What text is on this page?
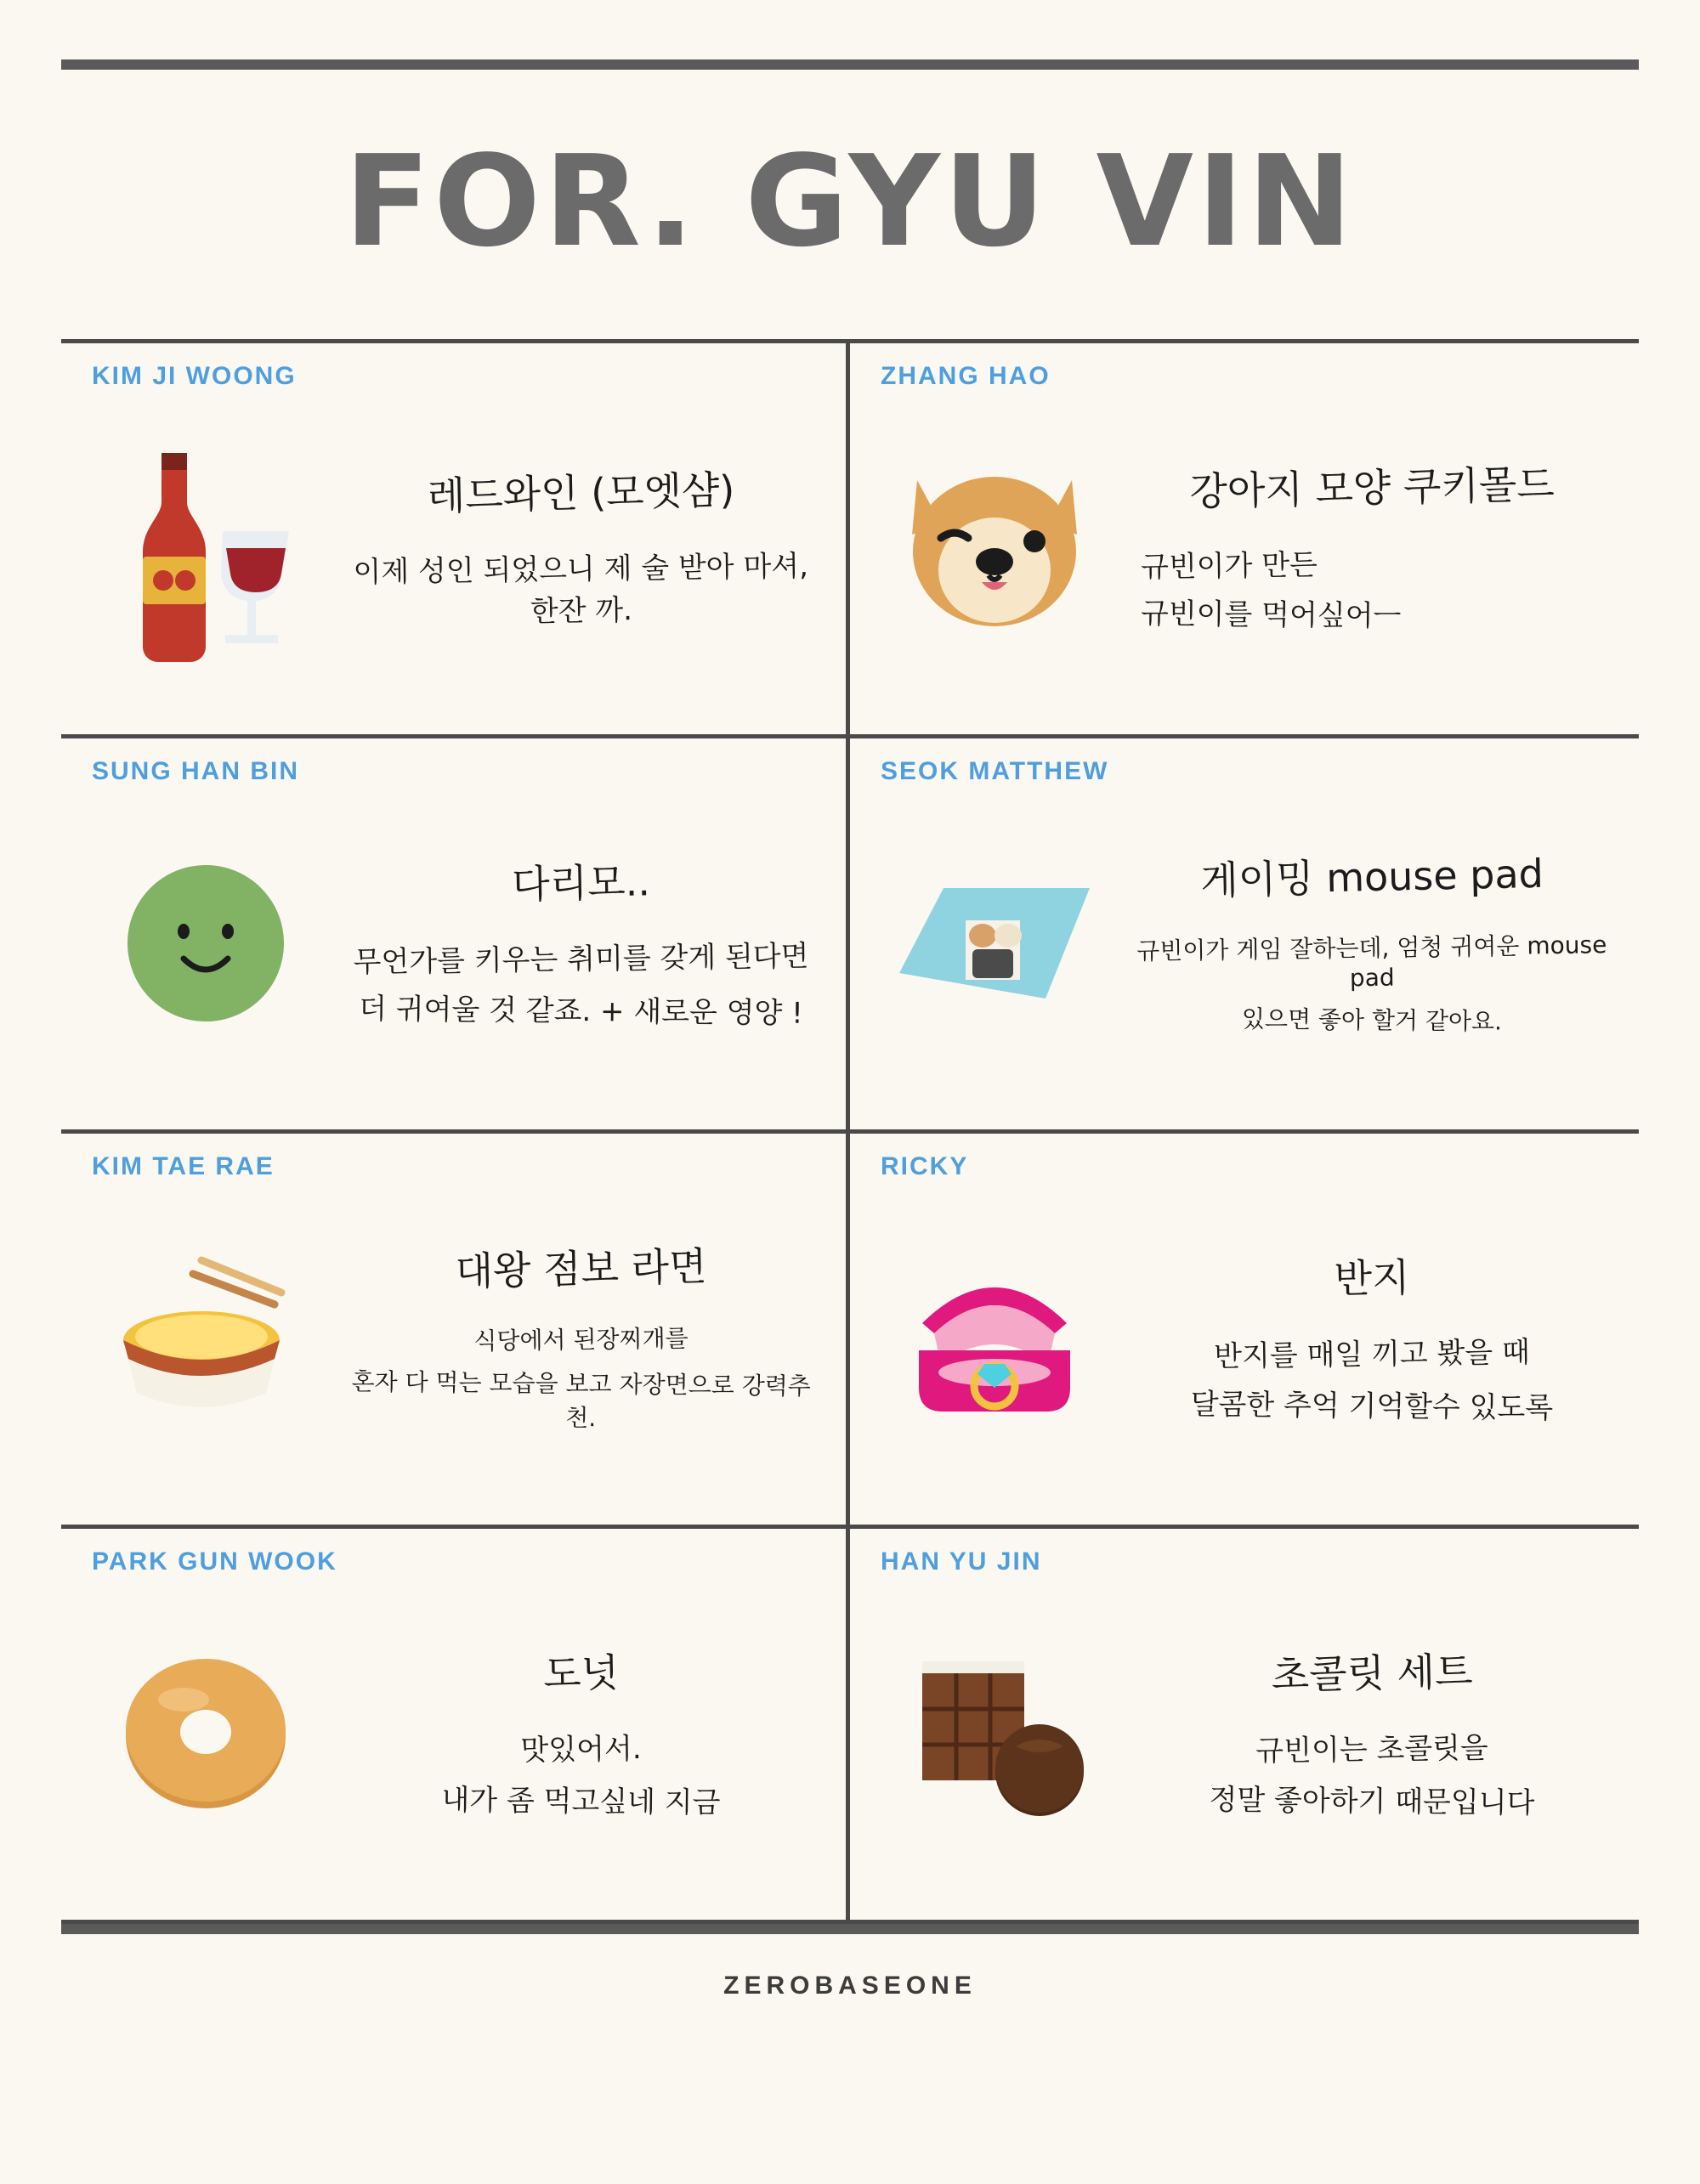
FOR. GYU VIN
KIM JI WOONG
레드와인 (모엣샴)
이제 성인 되었으니 제 술 받아 마셔, 한잔 까.
ZHANG HAO
강아지 모양 쿠키몰드
규빈이가 만든
규빈이를 먹어싶어ㅡ
SUNG HAN BIN
다리모..
무언가를 키우는 취미를 갖게 된다면
더 귀여울 것 같죠. + 새로운 영양 !
SEOK MATTHEW
게이밍 mouse pad
규빈이가 게임 잘하는데, 엄청 귀여운 mouse pad
있으면 좋아 할거 같아요.
KIM TAE RAE
대왕 점보 라면
식당에서 된장찌개를
혼자 다 먹는 모습을 보고 자장면으로 강력추천.
RICKY
반지
반지를 매일 끼고 봤을 때
달콤한 추억 기억할수 있도록
PARK GUN WOOK
도넛
맛있어서.
내가 좀 먹고싶네 지금
HAN YU JIN
초콜릿 세트
규빈이는 초콜릿을
정말 좋아하기 때문입니다
ZEROBASEONE
